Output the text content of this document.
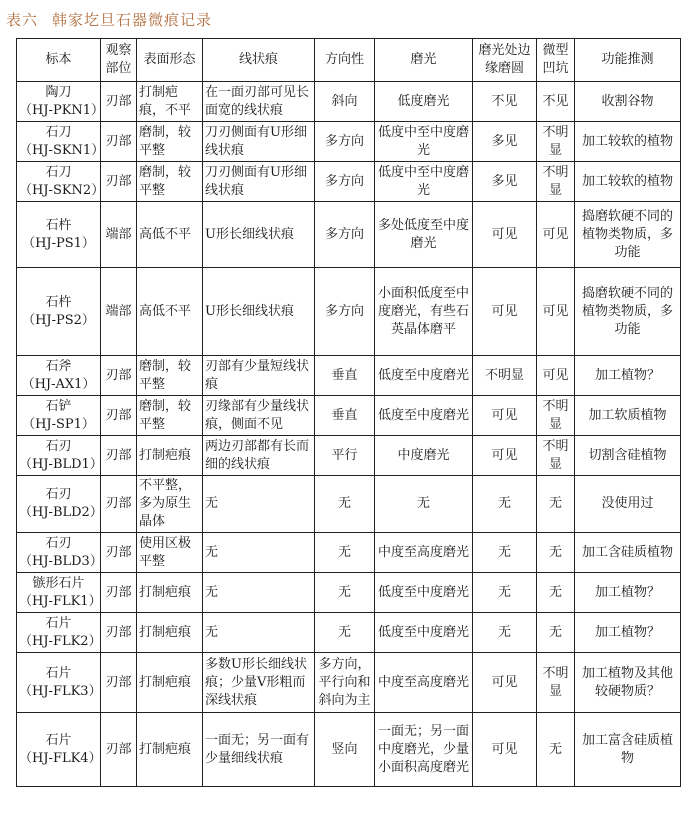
表六 韩家圪旦石器微痕记录
标本	观察部位	表面形态	线状痕	方向性	磨光	磨光处边缘磨圆	微型凹坑	功能推测

陶刀
（HJ-PKN1）	刃部	打制疤痕，不平	在一面刃部可见长面宽的线状痕	斜向	低度磨光	不见	不见	收割谷物

石刀
（HJ-SKN1）	刃部	磨制，较平整	刀刃侧面有U形细线状痕	多方向	低度中至中度磨光	多见	不明显	加工较软的植物

石刀
（HJ-SKN2）	刃部	磨制，较平整	刀刃侧面有U形细线状痕	多方向	低度中至中度磨光	多见	不明显	加工较软的植物

石杵
（HJ-PS1）	端部	高低不平	U形长细线状痕	多方向	多处低度至中度磨光	可见	可见	捣磨软硬不同的植物类物质，多功能

石杵
（HJ-PS2）	端部	高低不平	U形长细线状痕	多方向	小面积低度至中度磨光，有些石英晶体磨平	可见	可见	捣磨软硬不同的植物类物质，多功能

石斧
（HJ-AX1）	刃部	磨制，较平整	刃部有少量短线状痕	垂直	低度至中度磨光	不明显	可见	加工植物？

石铲
（HJ-SP1）	刃部	磨制，较平整	刃缘部有少量线状痕，侧面不见	垂直	低度至中度磨光	可见	不明显	加工软质植物

石刃
（HJ-BLD1）	刃部	打制疤痕	两边刃部都有长而细的线状痕	平行	中度磨光	可见	不明显	切割含硅植物

石刃
（HJ-BLD2）	刃部	不平整，多为原生晶体	无	无	无	无	无	没使用过

石刃
（HJ-BLD3）	刃部	使用区极平整	无	无	中度至高度磨光	无	无	加工含硅质植物

镞形石片
（HJ-FLK1）	刃部	打制疤痕	无	无	低度至中度磨光	无	无	加工植物？

石片
（HJ-FLK2）	刃部	打制疤痕	无	无	低度至中度磨光	无	无	加工植物？

石片
（HJ-FLK3）	刃部	打制疤痕	多数U形长细线状痕；少量V形粗而深线状痕	多方向，平行向和斜向为主	中度至高度磨光	可见	不明显	加工植物及其他较硬物质？

石片
（HJ-FLK4）	刃部	打制疤痕	一面无；另一面有少量细线状痕	竖向	一面无；另一面中度磨光，少量小面积高度磨光	可见	无	加工富含硅质植物
